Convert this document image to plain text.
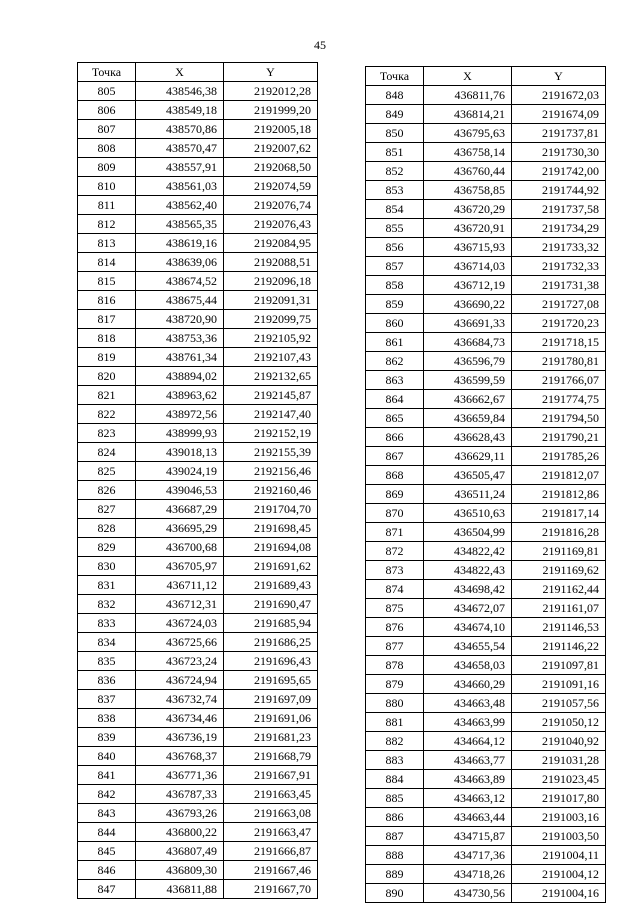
45
Точка	X	Y
805	438546,38	2192012,28
806	438549,18	2191999,20
807	438570,86	2192005,18
808	438570,47	2192007,62
809	438557,91	2192068,50
810	438561,03	2192074,59
811	438562,40	2192076,74
812	438565,35	2192076,43
813	438619,16	2192084,95
814	438639,06	2192088,51
815	438674,52	2192096,18
816	438675,44	2192091,31
817	438720,90	2192099,75
818	438753,36	2192105,92
819	438761,34	2192107,43
820	438894,02	2192132,65
821	438963,62	2192145,87
822	438972,56	2192147,40
823	438999,93	2192152,19
824	439018,13	2192155,39
825	439024,19	2192156,46
826	439046,53	2192160,46
827	436687,29	2191704,70
828	436695,29	2191698,45
829	436700,68	2191694,08
830	436705,97	2191691,62
831	436711,12	2191689,43
832	436712,31	2191690,47
833	436724,03	2191685,94
834	436725,66	2191686,25
835	436723,24	2191696,43
836	436724,94	2191695,65
837	436732,74	2191697,09
838	436734,46	2191691,06
839	436736,19	2191681,23
840	436768,37	2191668,79
841	436771,36	2191667,91
842	436787,33	2191663,45
843	436793,26	2191663,08
844	436800,22	2191663,47
845	436807,49	2191666,87
846	436809,30	2191667,46
847	436811,88	2191667,70
Точка	X	Y
848	436811,76	2191672,03
849	436814,21	2191674,09
850	436795,63	2191737,81
851	436758,14	2191730,30
852	436760,44	2191742,00
853	436758,85	2191744,92
854	436720,29	2191737,58
855	436720,91	2191734,29
856	436715,93	2191733,32
857	436714,03	2191732,33
858	436712,19	2191731,38
859	436690,22	2191727,08
860	436691,33	2191720,23
861	436684,73	2191718,15
862	436596,79	2191780,81
863	436599,59	2191766,07
864	436662,67	2191774,75
865	436659,84	2191794,50
866	436628,43	2191790,21
867	436629,11	2191785,26
868	436505,47	2191812,07
869	436511,24	2191812,86
870	436510,63	2191817,14
871	436504,99	2191816,28
872	434822,42	2191169,81
873	434822,43	2191169,62
874	434698,42	2191162,44
875	434672,07	2191161,07
876	434674,10	2191146,53
877	434655,54	2191146,22
878	434658,03	2191097,81
879	434660,29	2191091,16
880	434663,48	2191057,56
881	434663,99	2191050,12
882	434664,12	2191040,92
883	434663,77	2191031,28
884	434663,89	2191023,45
885	434663,12	2191017,80
886	434663,44	2191003,16
887	434715,87	2191003,50
888	434717,36	2191004,11
889	434718,26	2191004,12
890	434730,56	2191004,16
